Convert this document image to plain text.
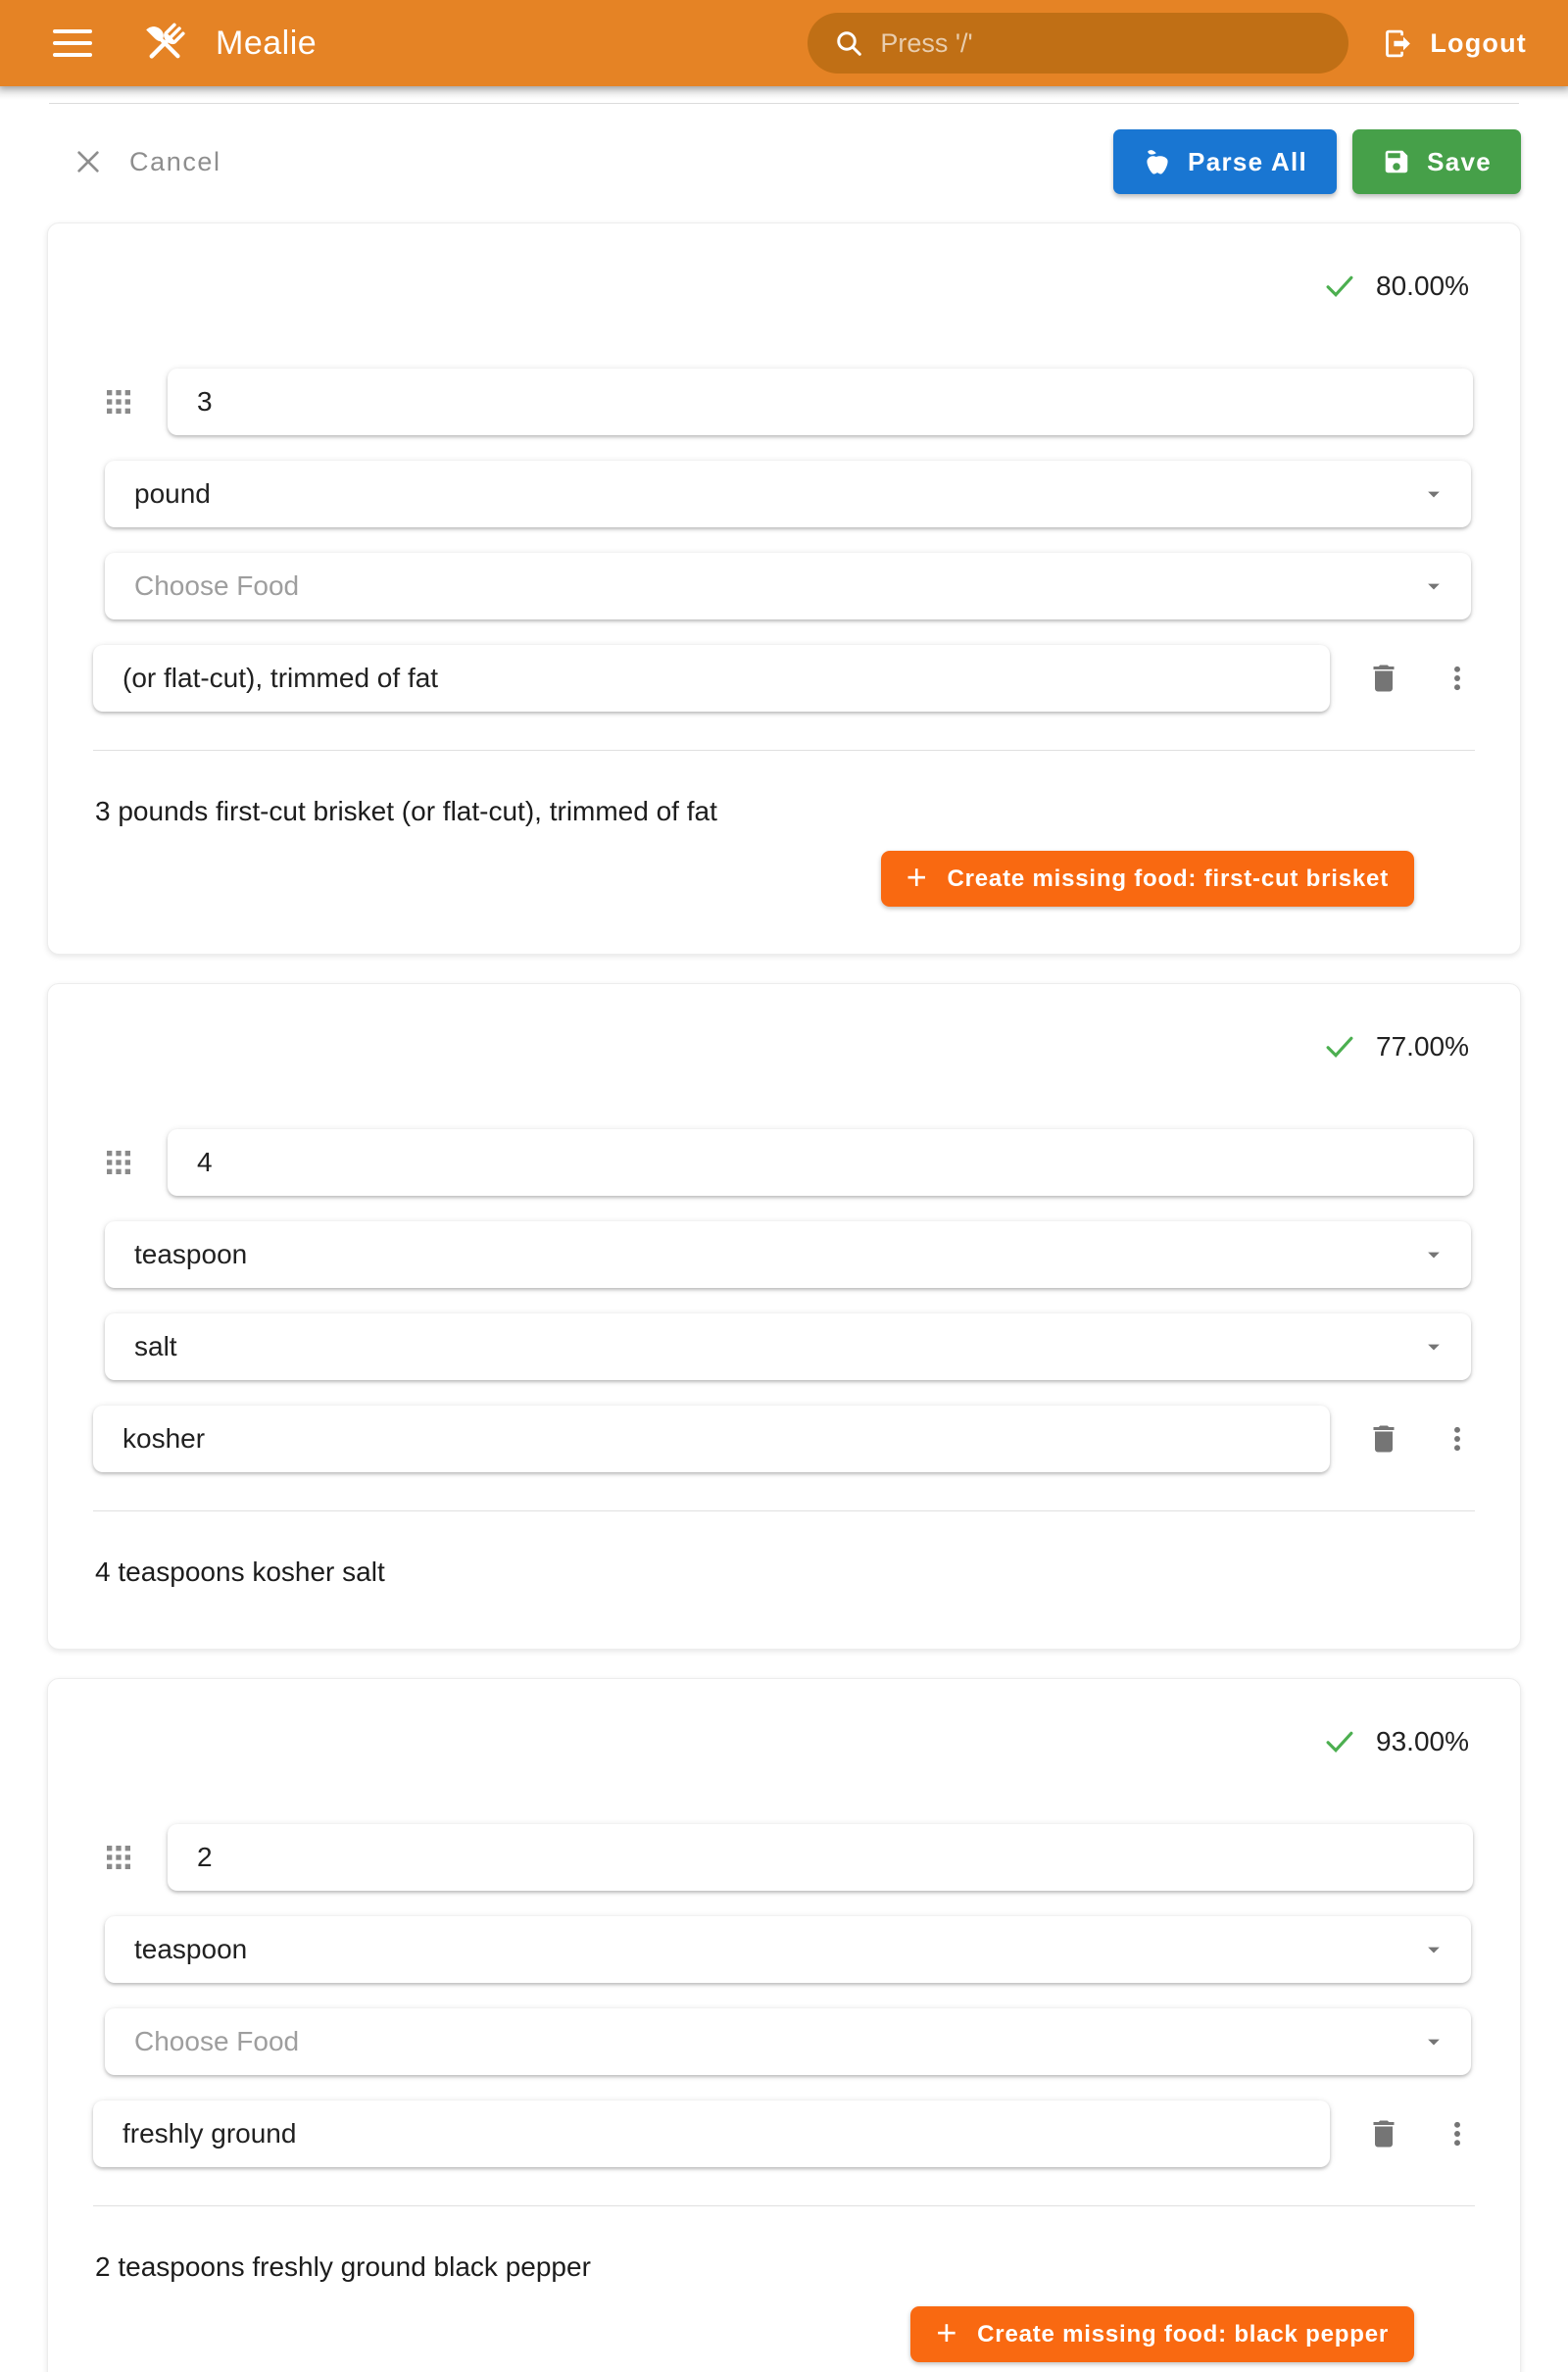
Mealie
Press '/'	Logout
Cancel	Parse All	Save
80.00%
3
pound
Choose Food
(or flat-cut), trimmed of fat

3 pounds first-cut brisket (or flat-cut), trimmed of fat

+ Create missing food: first-cut brisket
77.00%
4
teaspoon
salt
kosher

4 teaspoons kosher salt

93.00%
2
teaspoon
Choose Food
freshly ground

2 teaspoons freshly ground black pepper

+ Create missing food: black pepper
